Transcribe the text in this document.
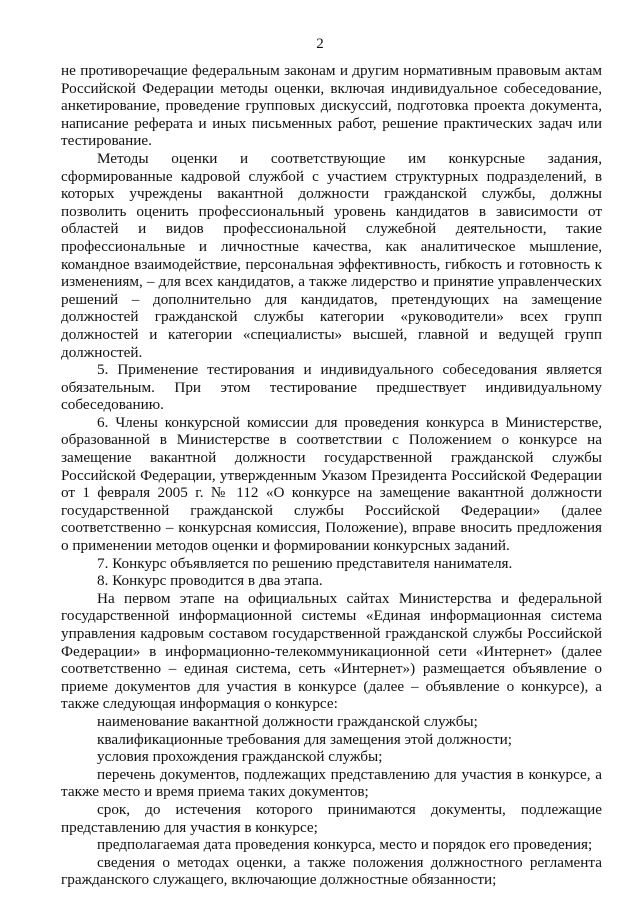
2

не противоречащие федеральным законам и другим нормативным правовым актам Российской Федерации методы оценки, включая индивидуальное собеседование, анкетирование, проведение групповых дискуссий, подготовка проекта документа, написание реферата и иных письменных работ, решение практических задач или тестирование.

Методы оценки и соответствующие им конкурсные задания, сформированные кадровой службой с участием структурных подразделений, в которых учреждены вакантной должности гражданской службы, должны позволить оценить профессиональный уровень кандидатов в зависимости от областей и видов профессиональной служебной деятельности, такие профессиональные и личностные качества, как аналитическое мышление, командное взаимодействие, персональная эффективность, гибкость и готовность к изменениям, – для всех кандидатов, а также лидерство и принятие управленческих решений – дополнительно для кандидатов, претендующих на замещение должностей гражданской службы категории «руководители» всех групп должностей и категории «специалисты» высшей, главной и ведущей групп должностей.

5. Применение тестирования и индивидуального собеседования является обязательным. При этом тестирование предшествует индивидуальному собеседованию.

6. Члены конкурсной комиссии для проведения конкурса в Министерстве, образованной в Министерстве в соответствии с Положением о конкурсе на замещение вакантной должности государственной гражданской службы Российской Федерации, утвержденным Указом Президента Российской Федерации от 1 февраля 2005 г. № 112 «О конкурсе на замещение вакантной должности государственной гражданской службы Российской Федерации» (далее соответственно – конкурсная комиссия, Положение), вправе вносить предложения о применении методов оценки и формировании конкурсных заданий.

7. Конкурс объявляется по решению представителя нанимателя.

8. Конкурс проводится в два этапа.

На первом этапе на официальных сайтах Министерства и федеральной государственной информационной системы «Единая информационная система управления кадровым составом государственной гражданской службы Российской Федерации» в информационно-телекоммуникационной сети «Интернет» (далее соответственно – единая система, сеть «Интернет») размещается объявление о приеме документов для участия в конкурсе (далее – объявление о конкурсе), а также следующая информация о конкурсе:

наименование вакантной должности гражданской службы;

квалификационные требования для замещения этой должности;

условия прохождения гражданской службы;

перечень документов, подлежащих представлению для участия в конкурсе, а также место и время приема таких документов;

срок, до истечения которого принимаются документы, подлежащие представлению для участия в конкурсе;

предполагаемая дата проведения конкурса, место и порядок его проведения;

сведения о методах оценки, а также положения должностного регламента гражданского служащего, включающие должностные обязанности;
